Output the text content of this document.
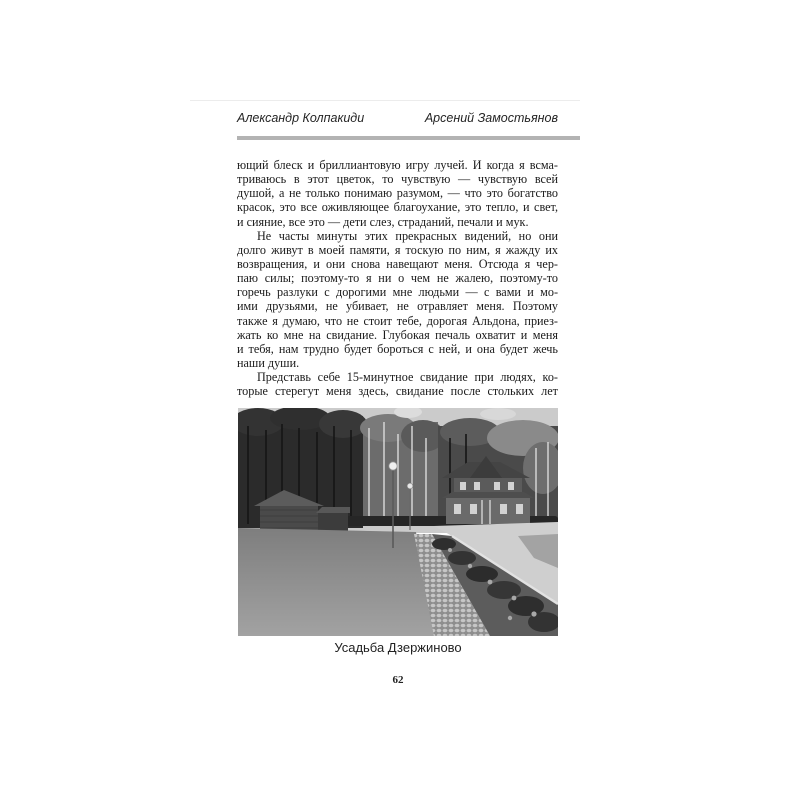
Александр Колпакиди	Арсений Замостьянов
ющий блеск и бриллиантовую игру лучей. И когда я всма-
триваюсь в этот цветок, то чувствую — чувствую всей
душой, а не только понимаю разумом, — что это богатство
красок, это все оживляющее благоухание, это тепло, и свет,
и сияние, все это — дети слез, страданий, печали и мук.
Не часты минуты этих прекрасных видений, но они
долго живут в моей памяти, я тоскую по ним, я жажду их
возвращения, и они снова навещают меня. Отсюда я чер-
паю силы; поэтому-то я ни о чем не жалею, поэтому-то
горечь разлуки с дорогими мне людьми — с вами и мо-
ими друзьями, не убивает, не отравляет меня. Поэтому
также я думаю, что не стоит тебе, дорогая Альдона, приез-
жать ко мне на свидание. Глубокая печаль охватит и меня
и тебя, нам трудно будет бороться с ней, и она будет жечь
наши души.
Представь себе 15-минутное свидание при людях, ко-
торые стерегут меня здесь, свидание после стольких лет
Усадьба Дзержиново
62
